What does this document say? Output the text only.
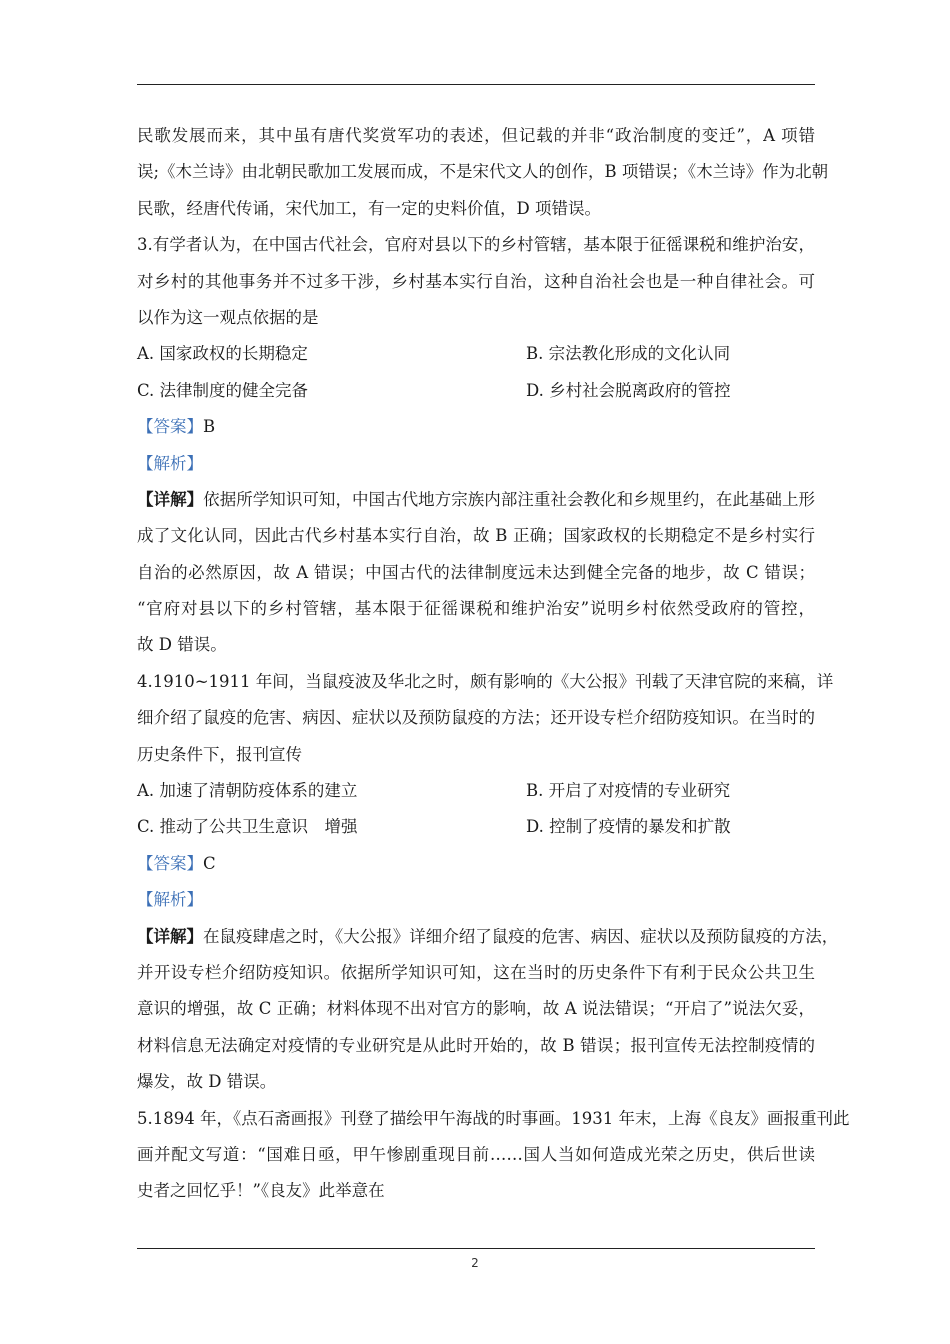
民歌发展而来，其中虽有唐代奖赏军功的表述，但记载的并非“政治制度的变迁”，A 项错
误;《木兰诗》由北朝民歌加工发展而成，不是宋代文人的创作，B 项错误；《木兰诗》作为北朝
民歌，经唐代传诵，宋代加工，有一定的史料价值，D 项错误。
3.有学者认为，在中国古代社会，官府对县以下的乡村管辖，基本限于征徭课税和维护治安，
对乡村的其他事务并不过多干涉，乡村基本实行自治，这种自治社会也是一种自律社会。可
以作为这一观点依据的是
A. 国家政权的长期稳定	B. 宗法教化形成的文化认同
C. 法律制度的健全完备	D. 乡村社会脱离政府的管控
【答案】B
【解析】
【详解】依据所学知识可知，中国古代地方宗族内部注重社会教化和乡规里约，在此基础上形
成了文化认同，因此古代乡村基本实行自治，故 B 正确；国家政权的长期稳定不是乡村实行
自治的必然原因，故 A 错误；中国古代的法律制度远未达到健全完备的地步，故 C 错误；
“官府对县以下的乡村管辖，基本限于征徭课税和维护治安”说明乡村依然受政府的管控，
故 D 错误。
4.1910~1911 年间，当鼠疫波及华北之时，颇有影响的《大公报》刊载了天津官院的来稿，详
细介绍了鼠疫的危害、病因、症状以及预防鼠疫的方法；还开设专栏介绍防疫知识。在当时的
历史条件下，报刊宣传
A. 加速了清朝防疫体系的建立	B. 开启了对疫情的专业研究
C. 推动了公共卫生意识　增强	D. 控制了疫情的暴发和扩散
【答案】C
【解析】
【详解】在鼠疫肆虐之时，《大公报》详细介绍了鼠疫的危害、病因、症状以及预防鼠疫的方法，
并开设专栏介绍防疫知识。依据所学知识可知，这在当时的历史条件下有利于民众公共卫生
意识的增强，故 C 正确；材料体现不出对官方的影响，故 A 说法错误；“开启了”说法欠妥，
材料信息无法确定对疫情的专业研究是从此时开始的，故 B 错误；报刊宣传无法控制疫情的
爆发，故 D 错误。
5.1894 年，《点石斋画报》刊登了描绘甲午海战的时事画。1931 年末，上海《良友》画报重刊此
画并配文写道：“国难日亟，甲午惨剧重现目前……国人当如何造成光荣之历史，供后世读
史者之回忆乎！”《良友》此举意在
2
